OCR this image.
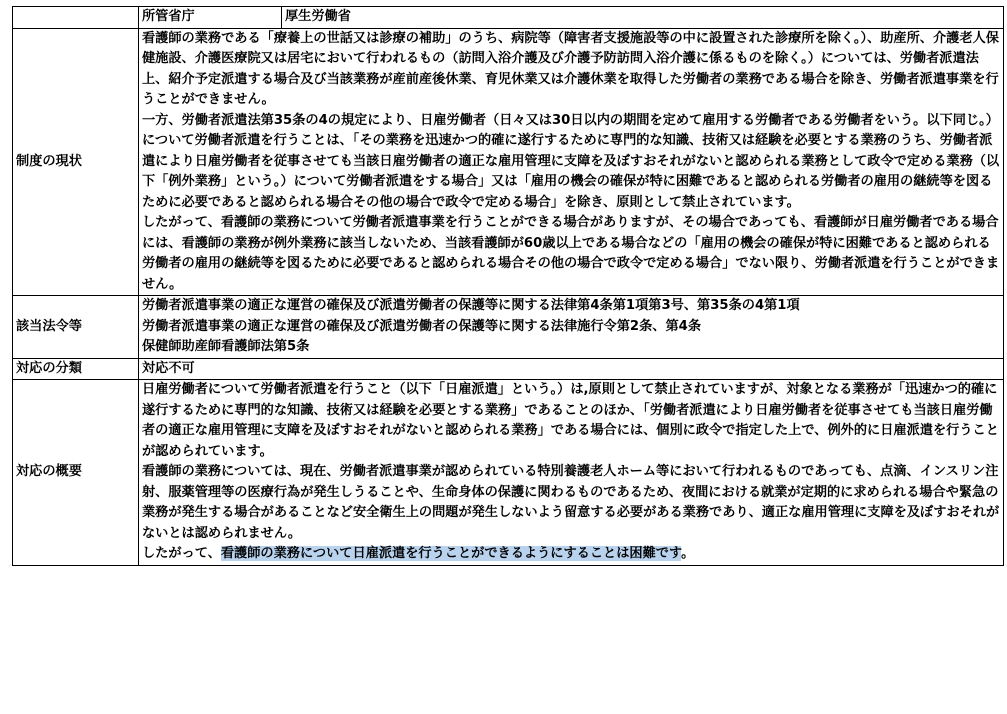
	所管省庁	厚生労働省
制度の現状	看護師の業務である「療養上の世話又は診療の補助」のうち、病院等（障害者支援施設等の中に設置された診療所を除く。）、助産所、介護老人保健施設、介護医療院又は居宅において行われるもの（訪問入浴介護及び介護予防訪問入浴介護に係るものを除く。）については、労働者派遣法上、紹介予定派遣する場合及び当該業務が産前産後休業、育児休業又は介護休業を取得した労働者の業務である場合を除き、労働者派遣事業を行うことができません。

一方、労働者派遣法第35条の4の規定により、日雇労働者（日々又は30日以内の期間を定めて雇用する労働者である労働者をいう。以下同じ。）について労働者派遣を行うことは、「その業務を迅速かつ的確に遂行するために専門的な知識、技術又は経験を必要とする業務のうち、労働者派遣により日雇労働者を従事させても当該日雇労働者の適正な雇用管理に支障を及ぼすおそれがないと認められる業務として政令で定める業務（以下「例外業務」という。）について労働者派遣をする場合」又は「雇用の機会の確保が特に困難であると認められる労働者の雇用の継続等を図るために必要であると認められる場合その他の場合で政令で定める場合」を除き、原則として禁止されています。

したがって、看護師の業務について労働者派遣事業を行うことができる場合がありますが、その場合であっても、看護師が日雇労働者である場合には、看護師の業務が例外業務に該当しないため、当該看護師が60歳以上である場合などの「雇用の機会の確保が特に困難であると認められる労働者の雇用の継続等を図るために必要であると認められる場合その他の場合で政令で定める場合」でない限り、労働者派遣を行うことができません。	

該当法令等	労働者派遣事業の適正な運営の確保及び派遣労働者の保護等に関する法律第4条第1項第3号、第35条の4第1項

労働者派遣事業の適正な運営の確保及び派遣労働者の保護等に関する法律施行令第2条、第4条

保健師助産師看護師法第5条	

対応の分類	対応不可	
対応の概要	日雇労働者について労働者派遣を行うこと（以下「日雇派遣」という。）は,原則として禁止されていますが、対象となる業務が「迅速かつ的確に遂行するために専門的な知識、技術又は経験を必要とする業務」であることのほか、「労働者派遣により日雇労働者を従事させても当該日雇労働者の適正な雇用管理に支障を及ぼすおそれがないと認められる業務」である場合には、個別に政令で指定した上で、例外的に日雇派遣を行うことが認められています。

看護師の業務については、現在、労働者派遣事業が認められている特別養護老人ホーム等において行われるものであっても、点滴、インスリン注射、服薬管理等の医療行為が発生しうることや、生命身体の保護に関わるものであるため、夜間における就業が定期的に求められる場合や緊急の業務が発生する場合があることなど安全衛生上の問題が発生しないよう留意する必要がある業務であり、適正な雇用管理に支障を及ぼすおそれがないとは認められません。

したがって、看護師の業務について日雇派遣を行うことができるようにすることは困難です。	
